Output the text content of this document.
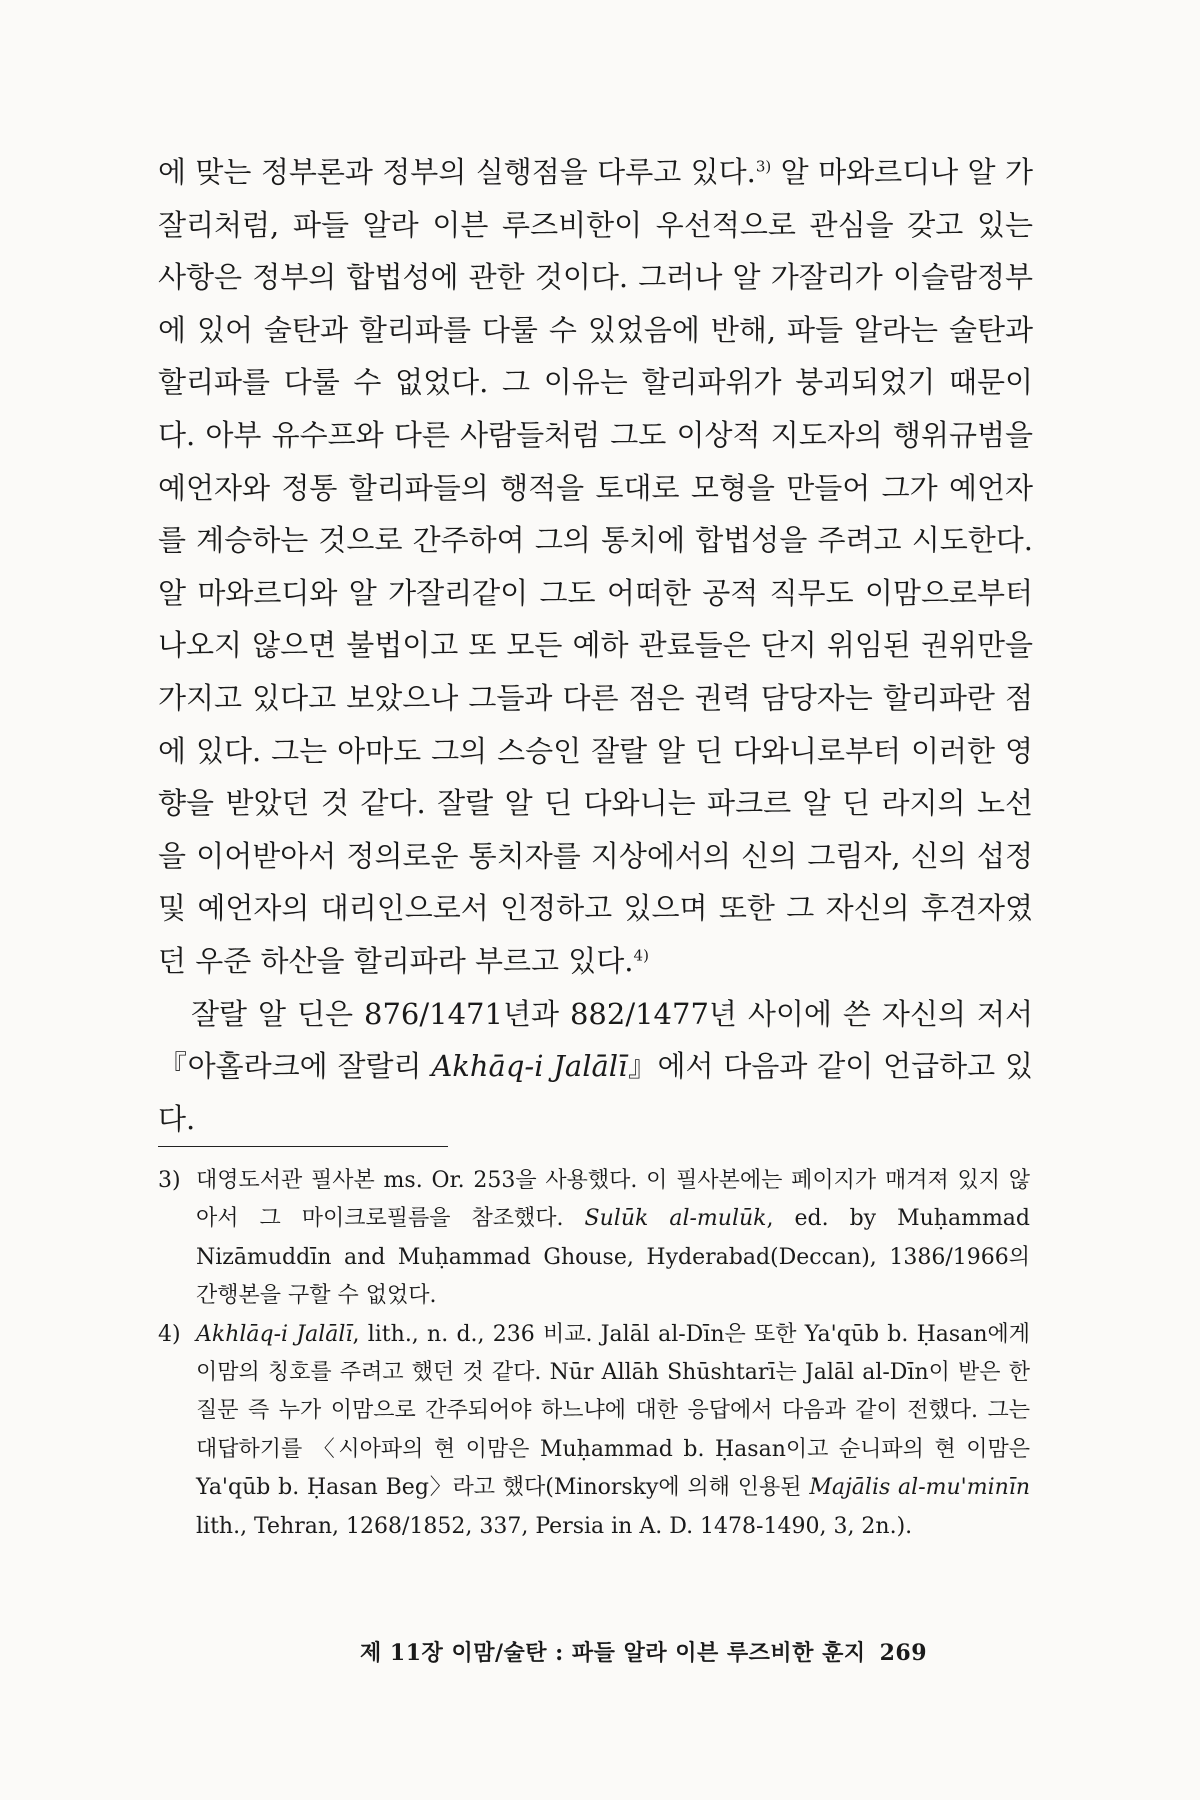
에 맞는 정부론과 정부의 실행점을 다루고 있다.$^{3)}$ 알 마와르디나 알 가잘리처럼, 파들 알라 이븐 루즈비한이 우선적으로 관심을 갖고 있는 사항은 정부의 합법성에 관한 것이다. 그러나 알 가잘리가 이슬람정부에 있어 술탄과 할리파를 다룰 수 있었음에 반해, 파들 알라는 술탄과 할리파를 다룰 수 없었다. 그 이유는 할리파위가 붕괴되었기 때문이다. 아부 유수프와 다른 사람들처럼 그도 이상적 지도자의 행위규범을 예언자와 정통 할리파들의 행적을 토대로 모형을 만들어 그가 예언자를 계승하는 것으로 간주하여 그의 통치에 합법성을 주려고 시도한다. 알 마와르디와 알 가잘리같이 그도 어떠한 공적 직무도 이맘으로부터 나오지 않으면 불법이고 또 모든 예하 관료들은 단지 위임된 권위만을 가지고 있다고 보았으나 그들과 다른 점은 권력 담당자는 할리파란 점에 있다. 그는 아마도 그의 스승인 잘랄 알 딘 다와니로부터 이러한 영향을 받았던 것 같다. 잘랄 알 딘 다와니는 파크르 알 딘 라지의 노선을 이어받아서 정의로운 통치자를 지상에서의 신의 그림자, 신의 섭정 및 예언자의 대리인으로서 인정하고 있으며 또한 그 자신의 후견자였던 우준 하산을 할리파라 부르고 있다.$^{4)}$

잘랄 알 딘은 876/1471년과 882/1477년 사이에 쓴 자신의 저서 『아홀라크에 잘랄리 Akhāq-i Jalālī』에서 다음과 같이 언급하고 있다.

3) 대영도서관 필사본 ms. Or. 253을 사용했다. 이 필사본에는 페이지가 매겨져 있지 않아서 그 마이크로필름을 참조했다. Sulūk al-mulūk, ed. by Muḥammad Nizāmuddīn and Muḥammad Ghouse, Hyderabad(Deccan), 1386/1966의 간행본을 구할 수 없었다.

4) Akhlāq-i Jalālī, lith., n. d., 236 비교. Jalāl al-Dīn은 또한 Ya'qūb b. Ḥasan에게 이맘의 칭호를 주려고 했던 것 같다. Nūr Allāh Shūshtarī는 Jalāl al-Dīn이 받은 한 질문 즉 누가 이맘으로 간주되어야 하느냐에 대한 응답에서 다음과 같이 전했다. 그는 대답하기를 〈시아파의 현 이맘은 Muḥammad b. Ḥasan이고 순니파의 현 이맘은 Ya'qūb b. Ḥasan Beg〉라고 했다(Minorsky에 의해 인용된 Majālis al-mu'minīn lith., Tehran, 1268/1852, 337, Persia in A. D. 1478-1490, 3, 2n.).

제 11장 이맘/술탄 : 파들 알라 이븐 루즈비한 훈지 269
